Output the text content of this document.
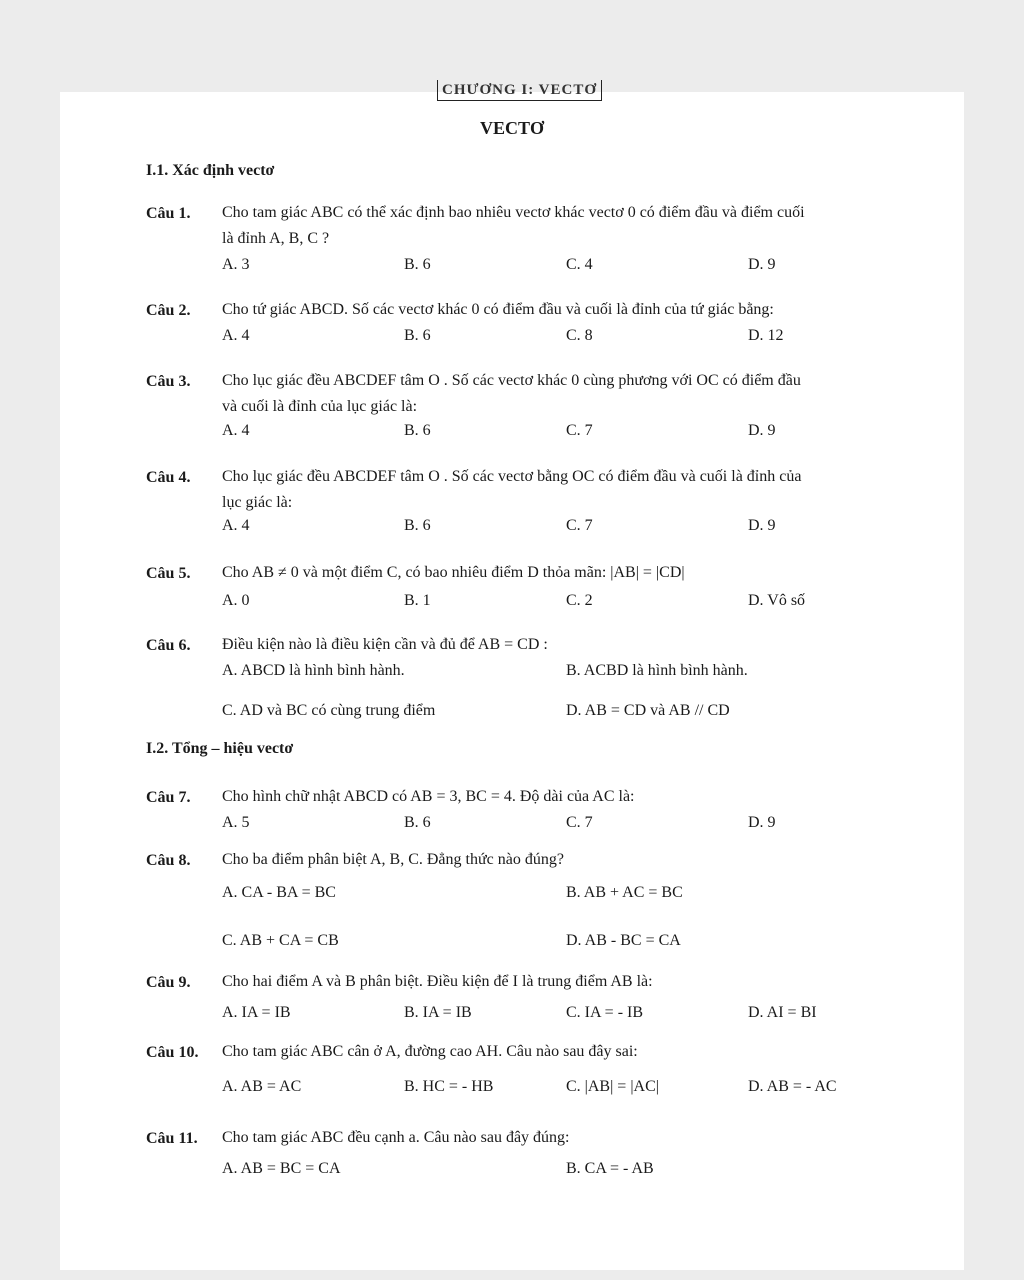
CHƯƠNG I: VECTƠ
VECTƠ
I.1. Xác định vectơ
Câu 1. Cho tam giác ABC có thể xác định bao nhiêu vectơ khác vectơ 0 có điểm đầu và điểm cuối
là đỉnh A, B, C ?
A. 3	B. 6	C. 4	D. 9
Câu 2. Cho tứ giác ABCD. Số các vectơ khác 0 có điểm đầu và cuối là đỉnh của tứ giác bằng:
A. 4	B. 6	C. 8	D. 12
Câu 3. Cho lục giác đều ABCDEF tâm O . Số các vectơ khác 0 cùng phương với OC có điểm đầu
và cuối là đỉnh của lục giác là:
A. 4	B. 6	C. 7	D. 9
Câu 4. Cho lục giác đều ABCDEF tâm O . Số các vectơ bằng OC có điểm đầu và cuối là đỉnh của
lục giác là:
A. 4	B. 6	C. 7	D. 9
Câu 5. Cho AB ≠ 0 và một điểm C, có bao nhiêu điểm D thỏa mãn: |AB| = |CD|
A. 0	B. 1	C. 2	D. Vô số
Câu 6. Điều kiện nào là điều kiện cần và đủ để AB = CD :
A. ABCD là hình bình hành.	B. ACBD là hình bình hành.
C. AD và BC có cùng trung điểm	D. AB = CD và AB // CD
I.2. Tổng – hiệu vectơ
Câu 7. Cho hình chữ nhật ABCD có AB = 3, BC = 4. Độ dài của AC là:
A. 5	B. 6	C. 7	D. 9
Câu 8. Cho ba điểm phân biệt A, B, C. Đẳng thức nào đúng?
A. CA - BA = BC	B. AB + AC = BC
C. AB + CA = CB	D. AB - BC = CA
Câu 9. Cho hai điểm A và B phân biệt. Điều kiện để I là trung điểm AB là:
A. IA = IB	B. IA = IB	C. IA = - IB	D. AI = BI
Câu 10. Cho tam giác ABC cân ở A, đường cao AH. Câu nào sau đây sai:
A. AB = AC	B. HC = - HB	C. |AB| = |AC|	D. AB = - AC
Câu 11. Cho tam giác ABC đều cạnh a. Câu nào sau đây đúng:
A. AB = BC = CA	B. CA = - AB
